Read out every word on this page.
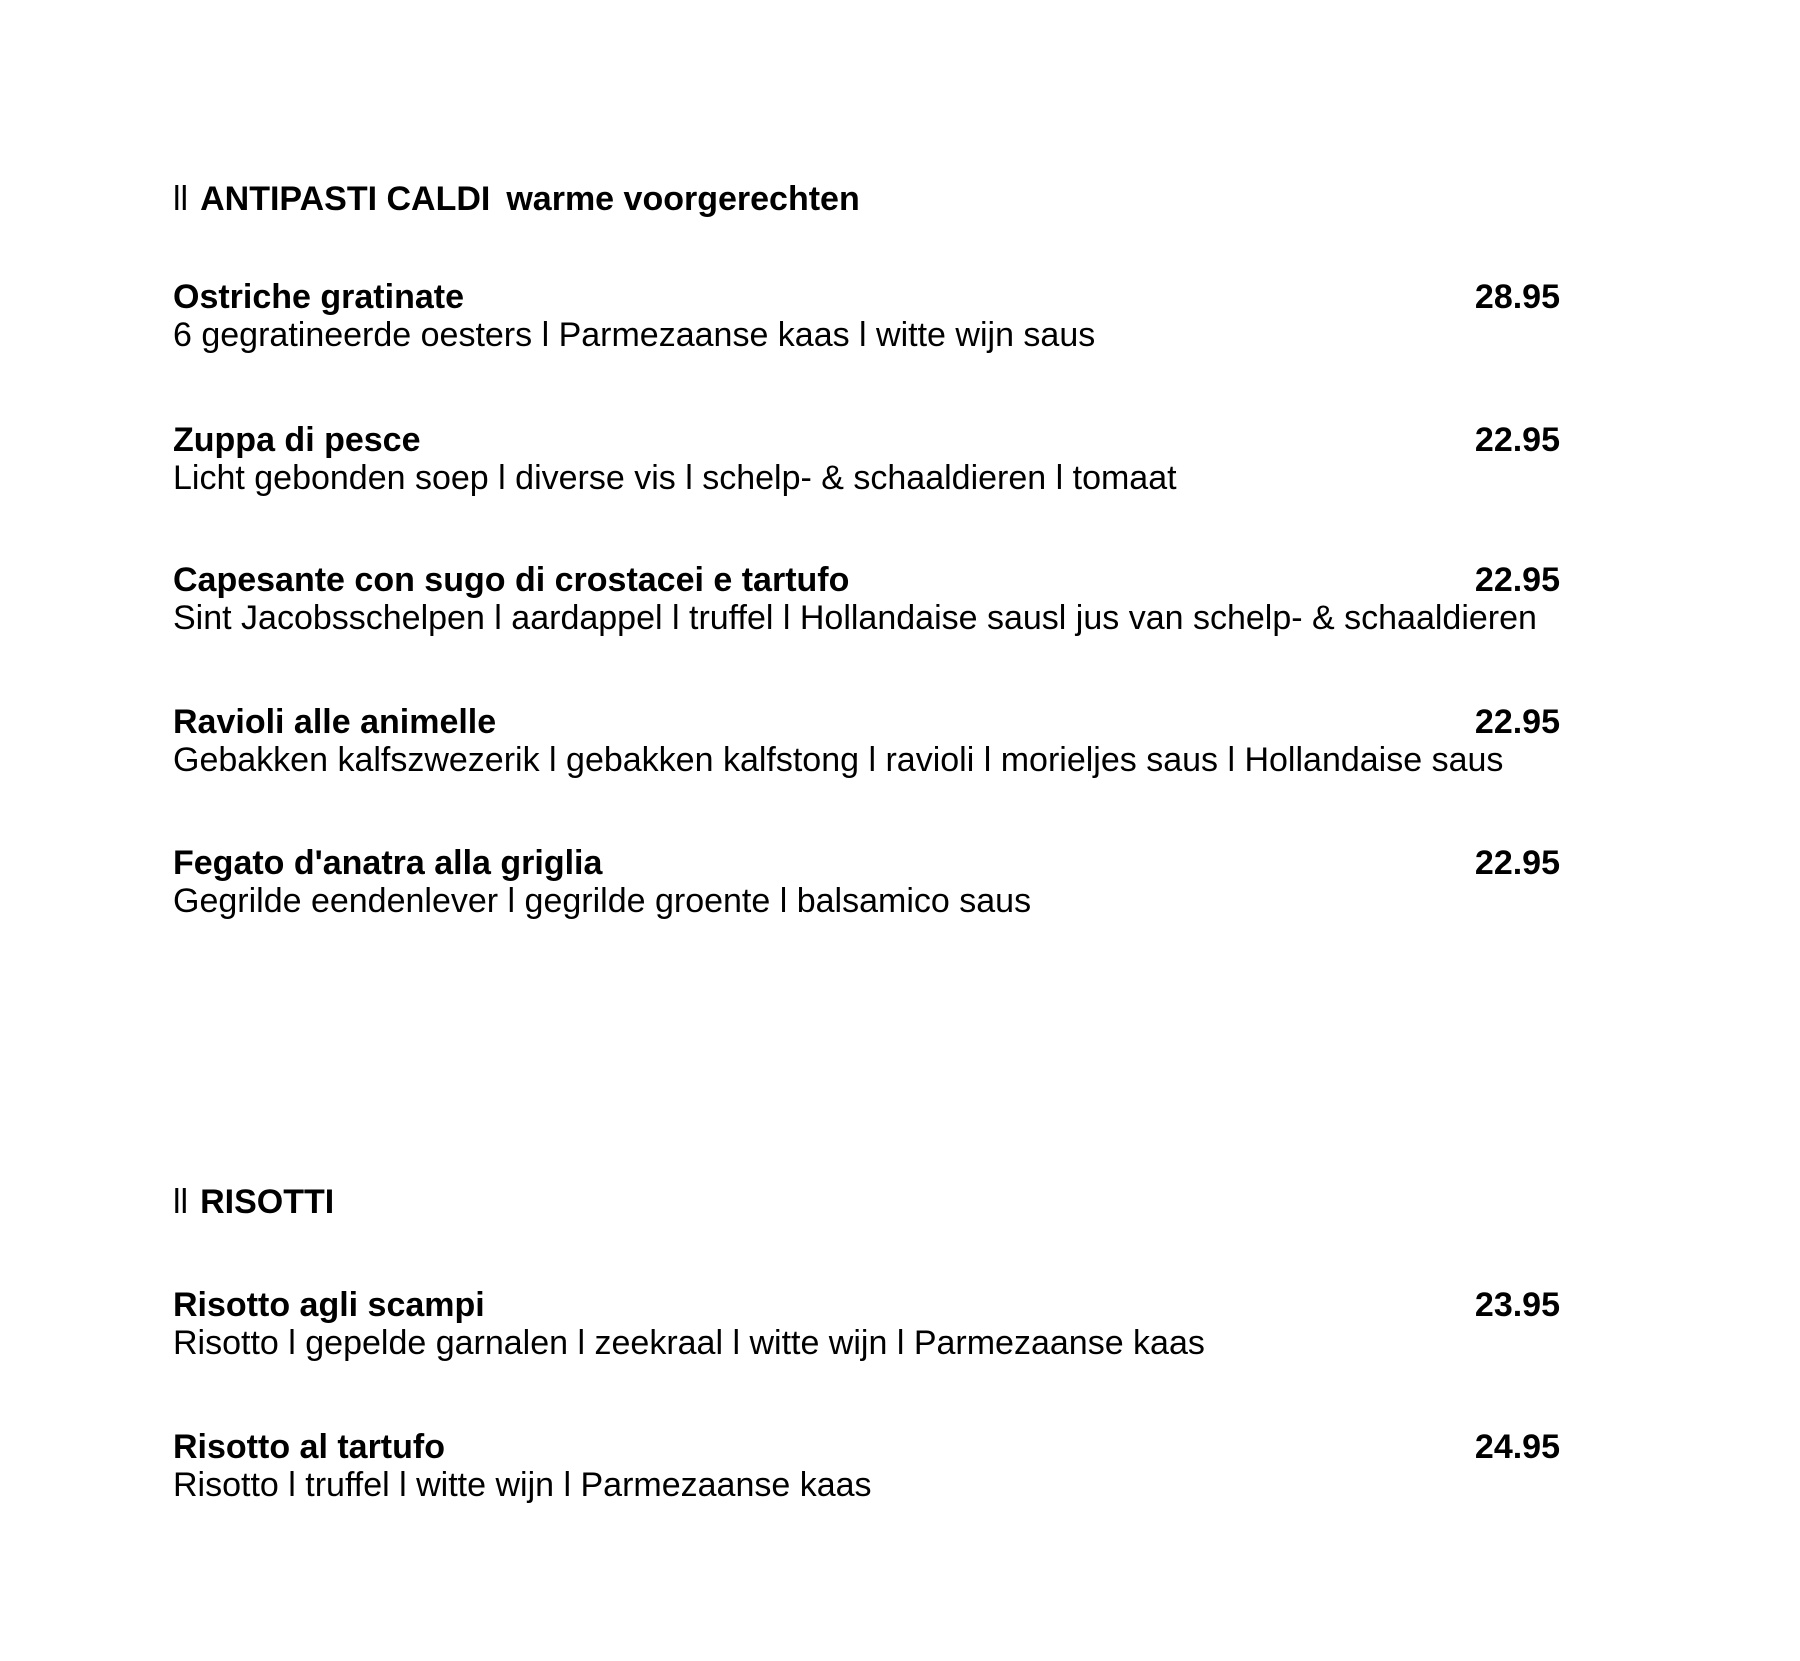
ll ANTIPASTI CALDI warme voorgerechten
Ostriche gratinate	28.95
6 gegratineerde oesters l Parmezaanse kaas l witte wijn saus
Zuppa di pesce	22.95
Licht gebonden soep l diverse vis l schelp- & schaaldieren l tomaat
Capesante con sugo di crostacei e tartufo	22.95
Sint Jacobsschelpen l aardappel l truffel l Hollandaise sausl jus van schelp- & schaaldieren
Ravioli alle animelle	22.95
Gebakken kalfszwezerik l gebakken kalfstong l ravioli l morieljes saus l Hollandaise saus
Fegato d'anatra alla griglia	22.95
Gegrilde eendenlever l gegrilde groente l balsamico saus
ll RISOTTI
Risotto agli scampi	23.95
Risotto l gepelde garnalen l zeekraal l witte wijn l Parmezaanse kaas
Risotto al tartufo	24.95
Risotto l truffel l witte wijn l Parmezaanse kaas
